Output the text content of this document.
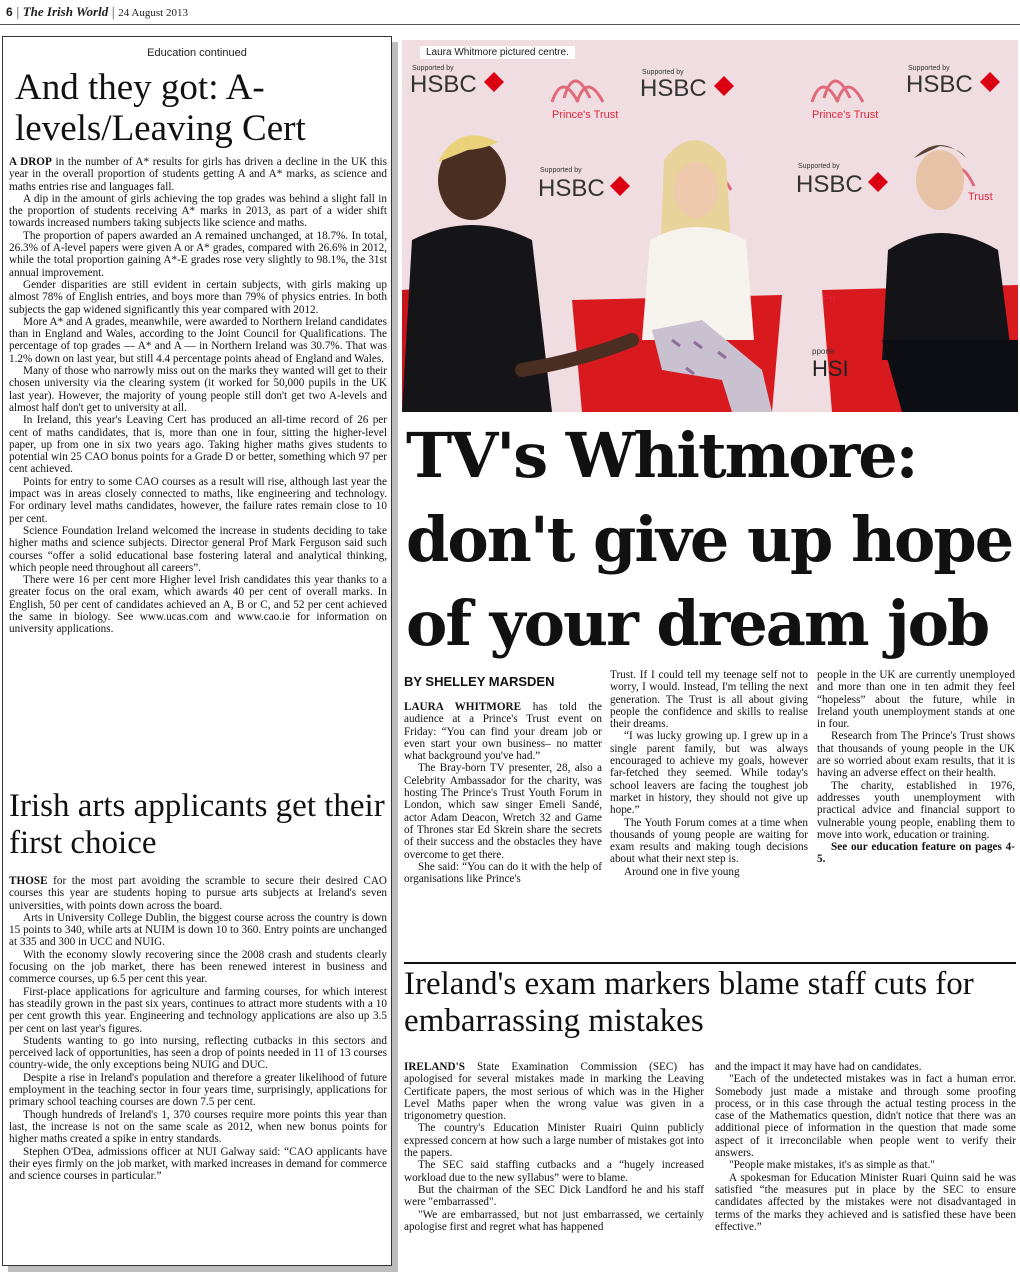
6 | The Irish World | 24 August 2013
Education continued
And they got: A-levels/Leaving Cert

A DROP in the number of A* results for girls has driven a decline in the UK this year in the overall proportion of students getting A and A* marks, as science and maths entries rise and languages fall.

A dip in the amount of girls achieving the top grades was behind a slight fall in the proportion of students receiving A* marks in 2013, as part of a wider shift towards increased numbers taking subjects like science and maths.

The proportion of papers awarded an A remained unchanged, at 18.7%. In total, 26.3% of A-level papers were given A or A* grades, compared with 26.6% in 2012, while the total proportion gaining A*-E grades rose very slightly to 98.1%, the 31st annual improvement.

Gender disparities are still evident in certain subjects, with girls making up almost 78% of English entries, and boys more than 79% of physics entries. In both subjects the gap widened significantly this year compared with 2012.

More A* and A grades, meanwhile, were awarded to Northern Ireland candidates than in England and Wales, according to the Joint Council for Qualifications. The percentage of top grades — A* and A — in Northern Ireland was 30.7%. That was 1.2% down on last year, but still 4.4 percentage points ahead of England and Wales.

Many of those who narrowly miss out on the marks they wanted will get to their chosen university via the clearing system (it worked for 50,000 pupils in the UK last year). However, the majority of young people still don't get two A-levels and almost half don't get to university at all.

In Ireland, this year's Leaving Cert has produced an all-time record of 26 per cent of maths candidates, that is, more than one in four, sitting the higher-level paper, up from one in six two years ago. Taking higher maths gives students to potential win 25 CAO bonus points for a Grade D or better, something which 97 per cent achieved.

Points for entry to some CAO courses as a result will rise, although last year the impact was in areas closely connected to maths, like engineering and technology. For ordinary level maths candidates, however, the failure rates remain close to 10 per cent.

Science Foundation Ireland welcomed the increase in students deciding to take higher maths and science subjects. Director general Prof Mark Ferguson said such courses “offer a solid educational base fostering lateral and analytical thinking, which people need throughout all careers”.

There were 16 per cent more Higher level Irish candidates this year thanks to a greater focus on the oral exam, which awards 40 per cent of overall marks. In English, 50 per cent of candidates achieved an A, B or C, and 52 per cent achieved the same in biology. See www.ucas.com and www.cao.ie for information on university applications.

Irish arts applicants get their first choice

THOSE for the most part avoiding the scramble to secure their desired CAO courses this year are students hoping to pursue arts subjects at Ireland's seven universities, with points down across the board.

Arts in University College Dublin, the biggest course across the country is down 15 points to 340, while arts at NUIM is down 10 to 360. Entry points are unchanged at 335 and 300 in UCC and NUIG.

With the economy slowly recovering since the 2008 crash and students clearly focusing on the job market, there has been renewed interest in business and commerce courses, up 6.5 per cent this year.

First-place applications for agriculture and farming courses, for which interest has steadily grown in the past six years, continues to attract more students with a 10 per cent growth this year. Engineering and technology applications are also up 3.5 per cent on last year's figures.

Students wanting to go into nursing, reflecting cutbacks in this sectors and perceived lack of opportunities, has seen a drop of points needed in 11 of 13 courses country-wide, the only exceptions being NUIG and DUC.

Despite a rise in Ireland's population and therefore a greater likelihood of future employment in the teaching sector in four years time, surprisingly, applications for primary school teaching courses are down 7.5 per cent.

Though hundreds of Ireland's 1, 370 courses require more points this year than last, the increase is not on the same scale as 2012, when new bonus points for higher maths created a spike in entry standards.

Stephen O'Dea, admissions officer at NUI Galway said: “CAO applicants have their eyes firmly on the job market, with marked increases in demand for commerce and science courses in particular.”

Prince's Trust	Prince's Trust
Supported by
HSBC	Supported by
HSBC
Supported by
HSBC
Supported by
HSBC
Supported by
HSBC	Trust
Pri
pporte
HSI
Laura Whitmore pictured centre.
TV's Whitmore: don't give up hope of your dream job
BY SHELLEY MARSDEN

LAURA WHITMORE has told the audience at a Prince's Trust event on Friday: “You can find your dream job or even start your own business– no matter what background you've had.”

The Bray-born TV presenter, 28, also a Celebrity Ambassador for the charity, was hosting The Prince's Trust Youth Forum in London, which saw singer Emeli Sandé, actor Adam Deacon, Wretch 32 and Game of Thrones star Ed Skrein share the secrets of their success and the obstacles they have overcome to get there.

She said: “You can do it with the help of organisations like Prince's

Trust. If I could tell my teenage self not to worry, I would. Instead, I'm telling the next generation. The Trust is all about giving people the confidence and skills to realise their dreams.

“I was lucky growing up. I grew up in a single parent family, but was always encouraged to achieve my goals, however far-fetched they seemed. While today's school leavers are facing the toughest job market in history, they should not give up hope.”

The Youth Forum comes at a time when thousands of young people are waiting for exam results and making tough decisions about what their next step is.

Around one in five young

people in the UK are currently unemployed and more than one in ten admit they feel “hopeless” about the future, while in Ireland youth unemployment stands at one in four.

Research from The Prince's Trust shows that thousands of young people in the UK are so worried about exam results, that it is having an adverse effect on their health.

The charity, established in 1976, addresses youth unemployment with practical advice and financial support to vulnerable young people, enabling them to move into work, education or training.

See our education feature on pages 4-5.

Ireland's exam markers blame staff cuts for embarrassing mistakes

IRELAND'S State Examination Commission (SEC) has apologised for several mistakes made in marking the Leaving Certificate papers, the most serious of which was in the Higher Level Maths paper when the wrong value was given in a trigonometry question.

The country's Education Minister Ruairi Quinn publicly expressed concern at how such a large number of mistakes got into the papers.

The SEC said staffing cutbacks and a “hugely increased workload due to the new syllabus” were to blame.

But the chairman of the SEC Dick Landford he and his staff were "embarrassed".

"We are embarrassed, but not just embarrassed, we certainly apologise first and regret what has happened

and the impact it may have had on candidates.

"Each of the undetected mistakes was in fact a human error. Somebody just made a mistake and through some proofing process, or in this case through the actual testing process in the case of the Mathematics question, didn't notice that there was an additional piece of information in the question that made some aspect of it irreconcilable when people went to verify their answers.

"People make mistakes, it's as simple as that."

A spokesman for Education Minister Ruari Quinn said he was satisfied “the measures put in place by the SEC to ensure candidates affected by the mistakes were not disadvantaged in terms of the marks they achieved and is satisfied these have been effective.”
